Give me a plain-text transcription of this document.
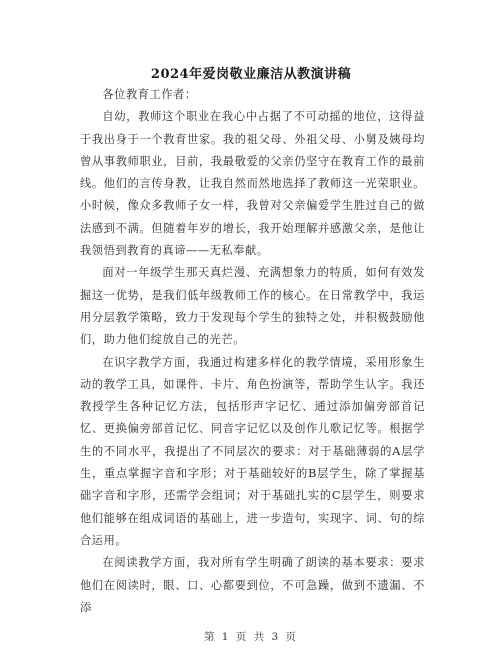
2024年爱岗敬业廉洁从教演讲稿

各位教育工作者：

自幼，教师这个职业在我心中占据了不可动摇的地位，这得益于我出身于一个教育世家。我的祖父母、外祖父母、小舅及姨母均曾从事教师职业，目前，我最敬爱的父亲仍坚守在教育工作的最前线。他们的言传身教，让我自然而然地选择了教师这一光荣职业。小时候，像众多教师子女一样，我曾对父亲偏爱学生胜过自己的做法感到不满。但随着年岁的增长，我开始理解并感激父亲，是他让我领悟到教育的真谛——无私奉献。

面对一年级学生那天真烂漫、充满想象力的特质，如何有效发掘这一优势，是我们低年级教师工作的核心。在日常教学中，我运用分层教学策略，致力于发现每个学生的独特之处，并积极鼓励他们，助力他们绽放自己的光芒。

在识字教学方面，我通过构建多样化的教学情境，采用形象生动的教学工具，如课件、卡片、角色扮演等，帮助学生认字。我还教授学生各种记忆方法，包括形声字记忆、通过添加偏旁部首记忆、更换偏旁部首记忆、同音字记忆以及创作儿歌记忆等。根据学生的不同水平，我提出了不同层次的要求：对于基础薄弱的A层学生，重点掌握字音和字形；对于基础较好的B层学生，除了掌握基础字音和字形，还需学会组词；对于基础扎实的C层学生，则要求他们能够在组成词语的基础上，进一步造句，实现字、词、句的综合运用。

在阅读教学方面，我对所有学生明确了朗读的基本要求：要求他们在阅读时，眼、口、心都要到位，不可急躁，做到不遗漏、不添

第 1 页 共 3 页
